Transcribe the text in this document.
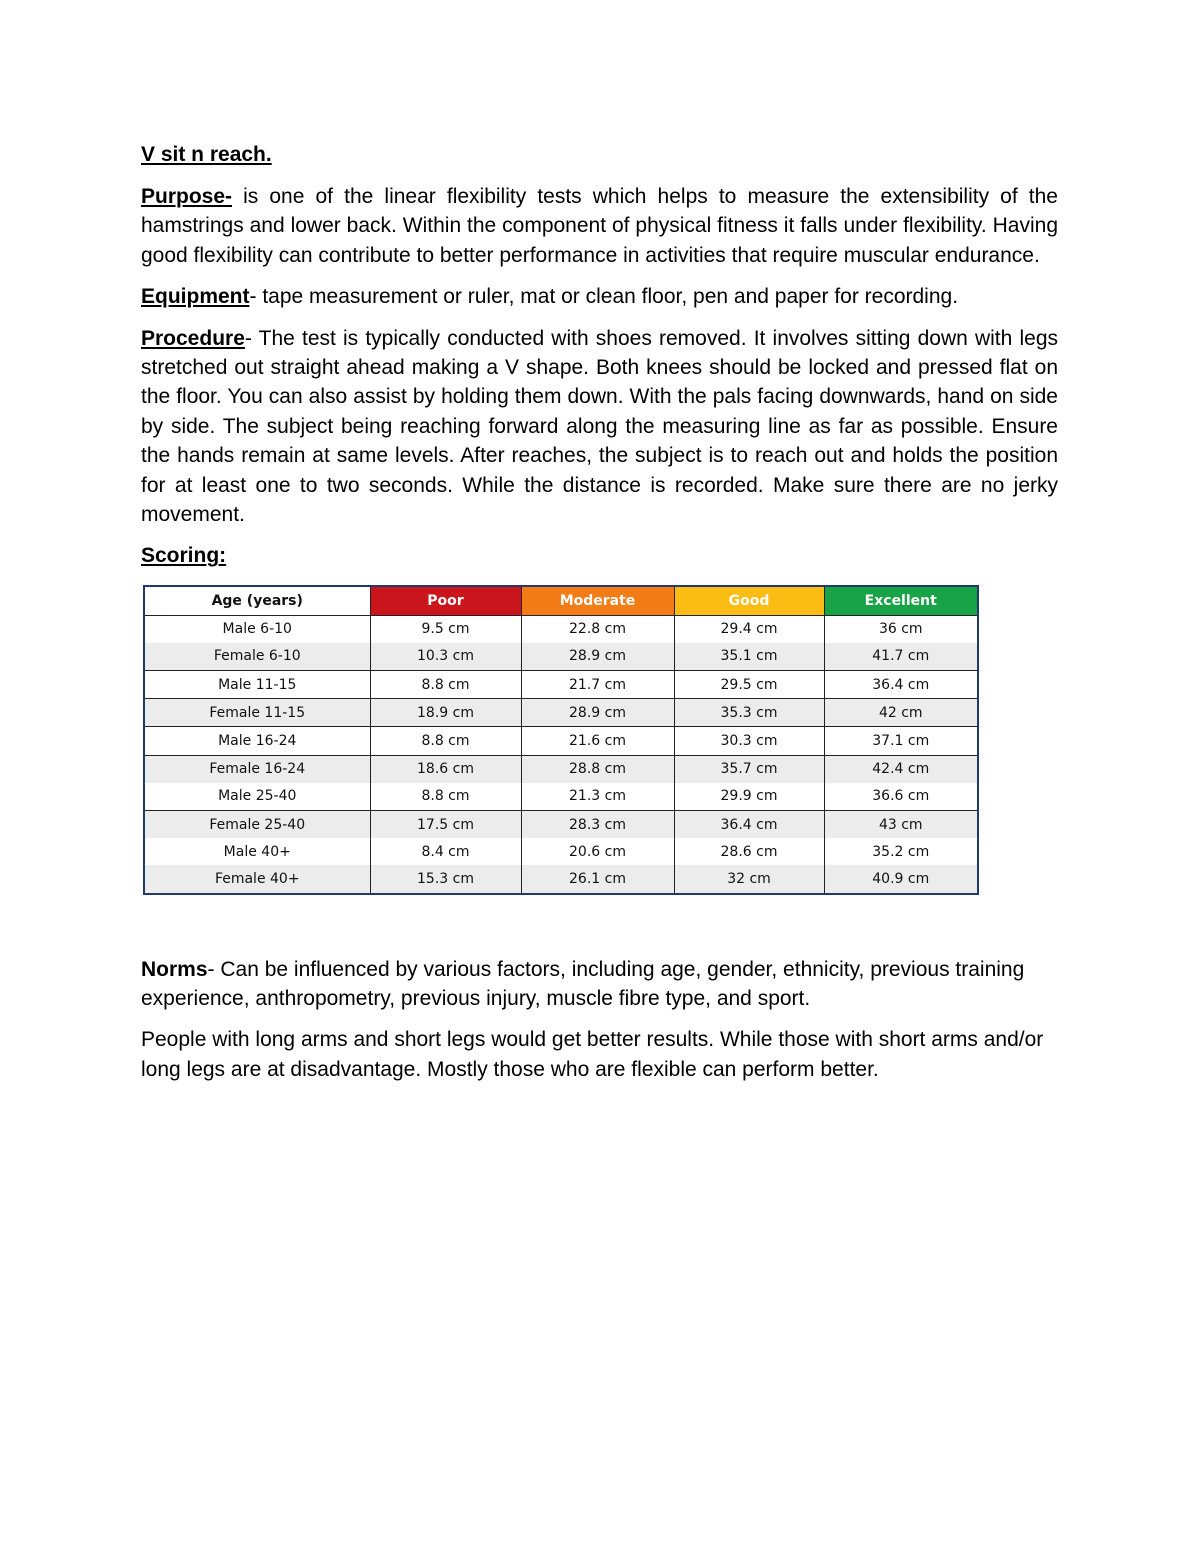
V sit n reach.

Purpose- is one of the linear flexibility tests which helps to measure the extensibility of the hamstrings and lower back. Within the component of physical fitness it falls under flexibility. Having good flexibility can contribute to better performance in activities that require muscular endurance.

Equipment- tape measurement or ruler, mat or clean floor, pen and paper for recording.

Procedure- The test is typically conducted with shoes removed. It involves sitting down with legs stretched out straight ahead making a V shape. Both knees should be locked and pressed flat on the floor. You can also assist by holding them down. With the pals facing downwards, hand on side by side. The subject being reaching forward along the measuring line as far as possible. Ensure the hands remain at same levels. After reaches, the subject is to reach out and holds the position for at least one to two seconds. While the distance is recorded. Make sure there are no jerky movement.

Scoring:
Age (years)	Poor	Moderate	Good	Excellent
Male 6-10	9.5 cm	22.8 cm	29.4 cm	36 cm
Female 6-10	10.3 cm	28.9 cm	35.1 cm	41.7 cm
Male 11-15	8.8 cm	21.7 cm	29.5 cm	36.4 cm
Female 11-15	18.9 cm	28.9 cm	35.3 cm	42 cm
Male 16-24	8.8 cm	21.6 cm	30.3 cm	37.1 cm
Female 16-24	18.6 cm	28.8 cm	35.7 cm	42.4 cm
Male 25-40	8.8 cm	21.3 cm	29.9 cm	36.6 cm
Female 25-40	17.5 cm	28.3 cm	36.4 cm	43 cm
Male 40+	8.4 cm	20.6 cm	28.6 cm	35.2 cm
Female 40+	15.3 cm	26.1 cm	32 cm	40.9 cm

Norms- Can be influenced by various factors, including age, gender, ethnicity, previous training experience, anthropometry, previous injury, muscle fibre type, and sport.

People with long arms and short legs would get better results. While those with short arms and/or long legs are at disadvantage. Mostly those who are flexible can perform better.
